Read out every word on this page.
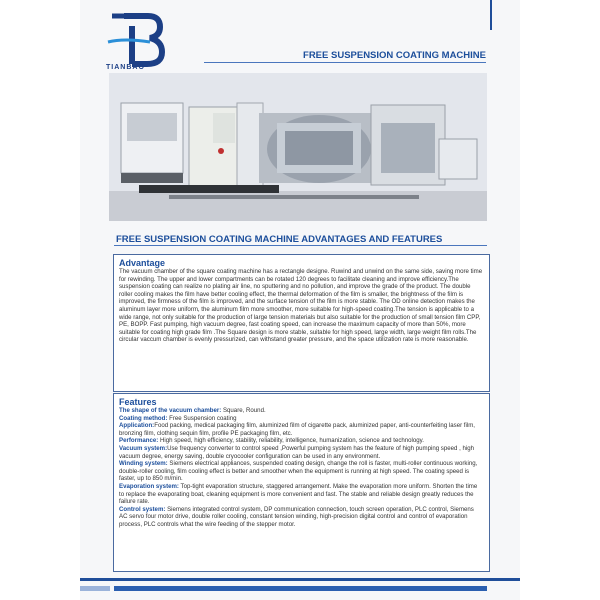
TIANBAO
FREE SUSPENSION COATING MACHINE
FREE SUSPENSION COATING MACHINE ADVANTAGES AND FEATURES
Advantage

The vacuum chamber of the square coating machine has a rectangle designe. Ruwind and unwind on the same side, saving more time for rewinding. The upper and lower compartments can be rotated 120 degrees to facilitate cleaning and improve efficiency.The suspension coating can realize no plating air line, no sputtering and no pollution, and improve the grade of the product. The double roller cooling makes the film have better cooling effect, the thermal deformation of the film is smaller, the brightness of the film is improved, the firmness of the film is improved, and the surface tension of the film is more stable. The OD online detection makes the aluminum layer more uniform, the aluminum film more smoother, more suitable for high-speed coating.The tension is applicable to a wide range, not only suitable for the production of large tension materials but also suitable for the production of small tension film CPP, PE, BOPP. Fast pumping, high vacuum degree, fast coating speed, can increase the maximum capacity of more than 50%, more suitable for coating high grade film .The Square design is more stable, suitable for high speed, large width, large weight film rolls.The circular vaccum chamber is evenly pressurized, can withstand greater pressure, and the space utilization rate is more reasonable.

Features

The shape of the vacuum chamber: Square, Round.

Coating method: Free Suspension coating

Application:Food packing, medical packaging film, aluminized film of cigarette pack, aluminized paper, anti-counterfeiting laser film, bronzing film, clothing sequin film, profile PE packaging film, etc.

Performance: High speed, high efficiency, stability, reliability, intelligence, humanization, science and technology.

Vacuum system:Use frequency converter to control speed ,Powerful pumping system has the feature of high pumping speed , high vacuum degree, energy saving, double cryocooler configuration can be used in any environment.

Winding system: Siemens electrical appliances, suspended coating design, change the roll is faster, multi-roller continuous working, double-roller cooling, film cooling effect is better and smoother when the equipment is running at high speed. The coating speed is faster, up to 850 m/min.

Evaporation system: Top-tight evaporation structure, staggered arrangement. Make the evaporation more uniform. Shorten the time to replace the evaporating boat, cleaning equipment is more convenient and fast. The stable and reliable design greatly reduces the failure rate.

Control system: Siemens integrated control system, DP communication connection, touch screen operation, PLC control, Siemens AC servo four motor drive, double roller cooling, constant tension winding, high-precision digital control and control of evaporation process, PLC controls what the wire feeding of the stepper motor.
